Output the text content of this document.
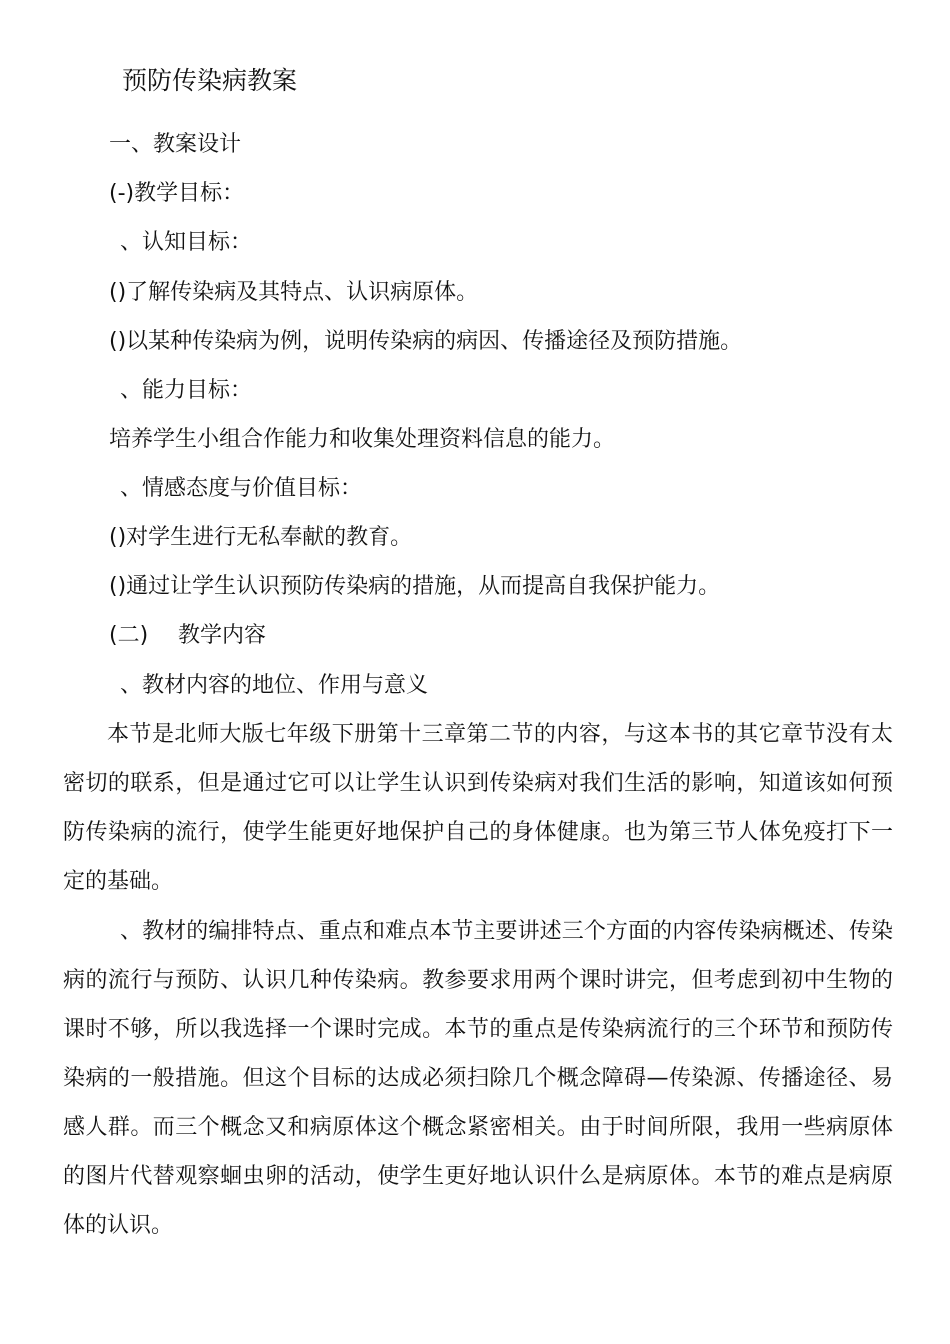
预防传染病教案
一、教案设计
(-)教学目标：
、认知目标：
()了解传染病及其特点、认识病原体。
()以某种传染病为例，说明传染病的病因、传播途径及预防措施。
、能力目标：
培养学生小组合作能力和收集处理资料信息的能力。
、情感态度与价值目标：
()对学生进行无私奉献的教育。
()通过让学生认识预防传染病的措施，从而提高自我保护能力。
(二) 教学内容
、教材内容的地位、作用与意义
本节是北师大版七年级下册第十三章第二节的内容，与这本书的其它章节没有太密切的联系，但是通过它可以让学生认识到传染病对我们生活的影响，知道该如何预防传染病的流行，使学生能更好地保护自己的身体健康。也为第三节人体免疫打下一定的基础。
、教材的编排特点、重点和难点本节主要讲述三个方面的内容传染病概述、传染病的流行与预防、认识几种传染病。教参要求用两个课时讲完，但考虑到初中生物的课时不够，所以我选择一个课时完成。本节的重点是传染病流行的三个环节和预防传染病的一般措施。但这个目标的达成必须扫除几个概念障碍—传染源、传播途径、易感人群。而三个概念又和病原体这个概念紧密相关。由于时间所限，我用一些病原体的图片代替观察蛔虫卵的活动，使学生更好地认识什么是病原体。本节的难点是病原体的认识。
